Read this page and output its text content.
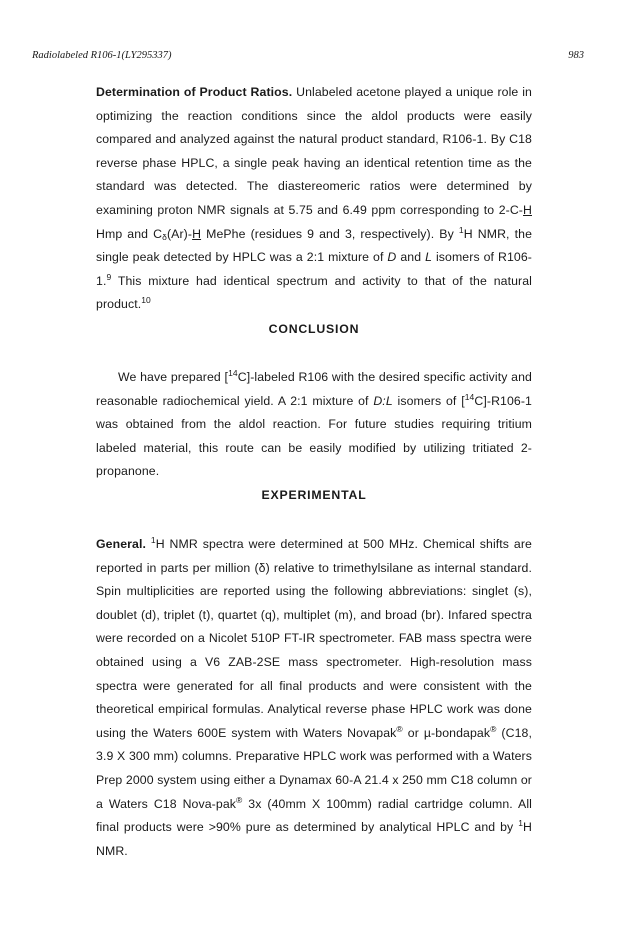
Radiolabeled R106-1(LY295337)	983

Determination of Product Ratios. Unlabeled acetone played a unique role in optimizing the reaction conditions since the aldol products were easily compared and analyzed against the natural product standard, R106-1. By C18 reverse phase HPLC, a single peak having an identical retention time as the standard was detected. The diastereomeric ratios were determined by examining proton NMR signals at 5.75 and 6.49 ppm corresponding to 2-C-H Hmp and $C_\delta(Ar)-H$ MePhe (residues 9 and 3, respectively). By $^1$H NMR, the single peak detected by HPLC was a 2:1 mixture of D and L isomers of R106-1.$^9$ This mixture had identical spectrum and activity to that of the natural product.$^{10}$

CONCLUSION

We have prepared [$^{14}$C]-labeled R106 with the desired specific activity and reasonable radiochemical yield. A 2:1 mixture of D:L isomers of [$^{14}$C]-R106-1 was obtained from the aldol reaction. For future studies requiring tritium labeled material, this route can be easily modified by utilizing tritiated 2-propanone.

EXPERIMENTAL

General. $^1$H NMR spectra were determined at 500 MHz. Chemical shifts are reported in parts per million (δ) relative to trimethylsilane as internal standard. Spin multiplicities are reported using the following abbreviations: singlet (s), doublet (d), triplet (t), quartet (q), multiplet (m), and broad (br). Infared spectra were recorded on a Nicolet 510P FT-IR spectrometer. FAB mass spectra were obtained using a V6 ZAB-2SE mass spectrometer. High-resolution mass spectra were generated for all final products and were consistent with the theoretical empirical formulas. Analytical reverse phase HPLC work was done using the Waters 600E system with Waters Novapak® or µ-bondapak® (C18, 3.9 X 300 mm) columns. Preparative HPLC work was performed with a Waters Prep 2000 system using either a Dynamax 60-A 21.4 x 250 mm C18 column or a Waters C18 Nova-pak® 3x (40mm X 100mm) radial cartridge column. All final products were >90% pure as determined by analytical HPLC and by $^1$H NMR.
